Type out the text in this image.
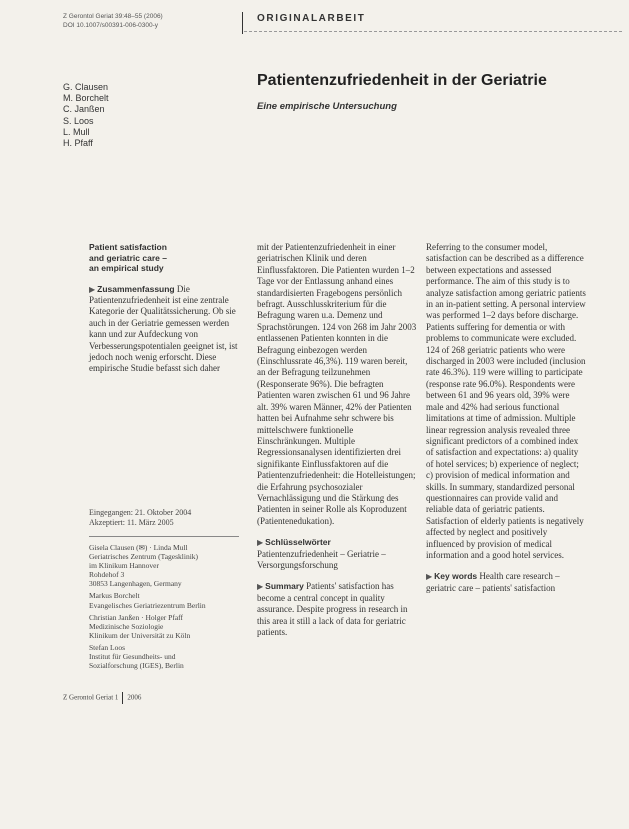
Z Gerontol Geriat 39:48–55 (2006)
DOI 10.1007/s00391-006-0300-y
ORIGINALARBEIT
G. Clausen
M. Borchelt
C. Janßen
S. Loos
L. Mull
H. Pfaff
Patientenzufriedenheit in der Geriatrie
Eine empirische Untersuchung
Patient satisfaction
and geriatric care –
an empirical study

▶ Zusammenfassung Die Patientenzufriedenheit ist eine zentrale Kategorie der Qualitätssicherung. Ob sie auch in der Geriatrie gemessen werden kann und zur Aufdeckung von Verbesserungspotentialen geeignet ist, ist jedoch noch wenig erforscht. Diese empirische Studie befasst sich daher

mit der Patientenzufriedenheit in einer geriatrischen Klinik und deren Einflussfaktoren. Die Patienten wurden 1–2 Tage vor der Entlassung anhand eines standardisierten Fragebogens persönlich befragt. Ausschlusskriterium für die Befragung waren u.a. Demenz und Sprachstörungen. 124 von 268 im Jahr 2003 entlassenen Patienten konnten in die Befragung einbezogen werden (Einschlussrate 46,3%). 119 waren bereit, an der Befragung teilzunehmen (Responserate 96%). Die befragten Patienten waren zwischen 61 und 96 Jahre alt. 39% waren Männer, 42% der Patienten hatten bei Aufnahme sehr schwere bis mittelschwere funktionelle Einschränkungen. Multiple Regressionsanalysen identifizierten drei signifikante Einflussfaktoren auf die Patientenzufriedenheit: die Hotelleistungen; die Erfahrung psychosozialer Vernachlässigung und die Stärkung des Patienten in seiner Rolle als Koproduzent (Patientenedukation).

▶ Schlüsselwörter
Patientenzufriedenheit – Geriatrie – Versorgungsforschung

▶ Summary Patients' satisfaction has become a central concept in quality assurance. Despite progress in research in this area it still a lack of data for geriatric patients.

Referring to the consumer model, satisfaction can be described as a difference between expectations and assessed performance. The aim of this study is to analyze satisfaction among geriatric patients in an in-patient setting. A personal interview was performed 1–2 days before discharge. Patients suffering for dementia or with problems to communicate were excluded. 124 of 268 geriatric patients who were discharged in 2003 were included (inclusion rate 46.3%). 119 were willing to participate (response rate 96.0%). Respondents were between 61 and 96 years old, 39% were male and 42% had serious functional limitations at time of admission. Multiple linear regression analysis revealed three significant predictors of a combined index of satisfaction and expectations: a) quality of hotel services; b) experience of neglect; c) provision of medical information and skills. In summary, standardized personal questionnaires can provide valid and reliable data of geriatric patients. Satisfaction of elderly patients is negatively affected by neglect and positively influenced by provision of medical information and a good hotel services.

▶ Key words Health care research – geriatric care – patients' satisfaction

Eingegangen: 21. Oktober 2004
Akzeptiert: 11. März 2005
Gisela Clausen (✉) · Linda Mull
Geriatrisches Zentrum (Tagesklinik)
im Klinikum Hannover
Rohdehof 3
30853 Langenhagen, Germany
Markus Borchelt
Evangelisches Geriatriezentrum Berlin
Christian Janßen · Holger Pfaff
Medizinische Soziologie
Klinikum der Universität zu Köln
Stefan Loos
Institut für Gesundheits- und
Sozialforschung (IGES), Berlin
Z Gerontol Geriat 1 2006
